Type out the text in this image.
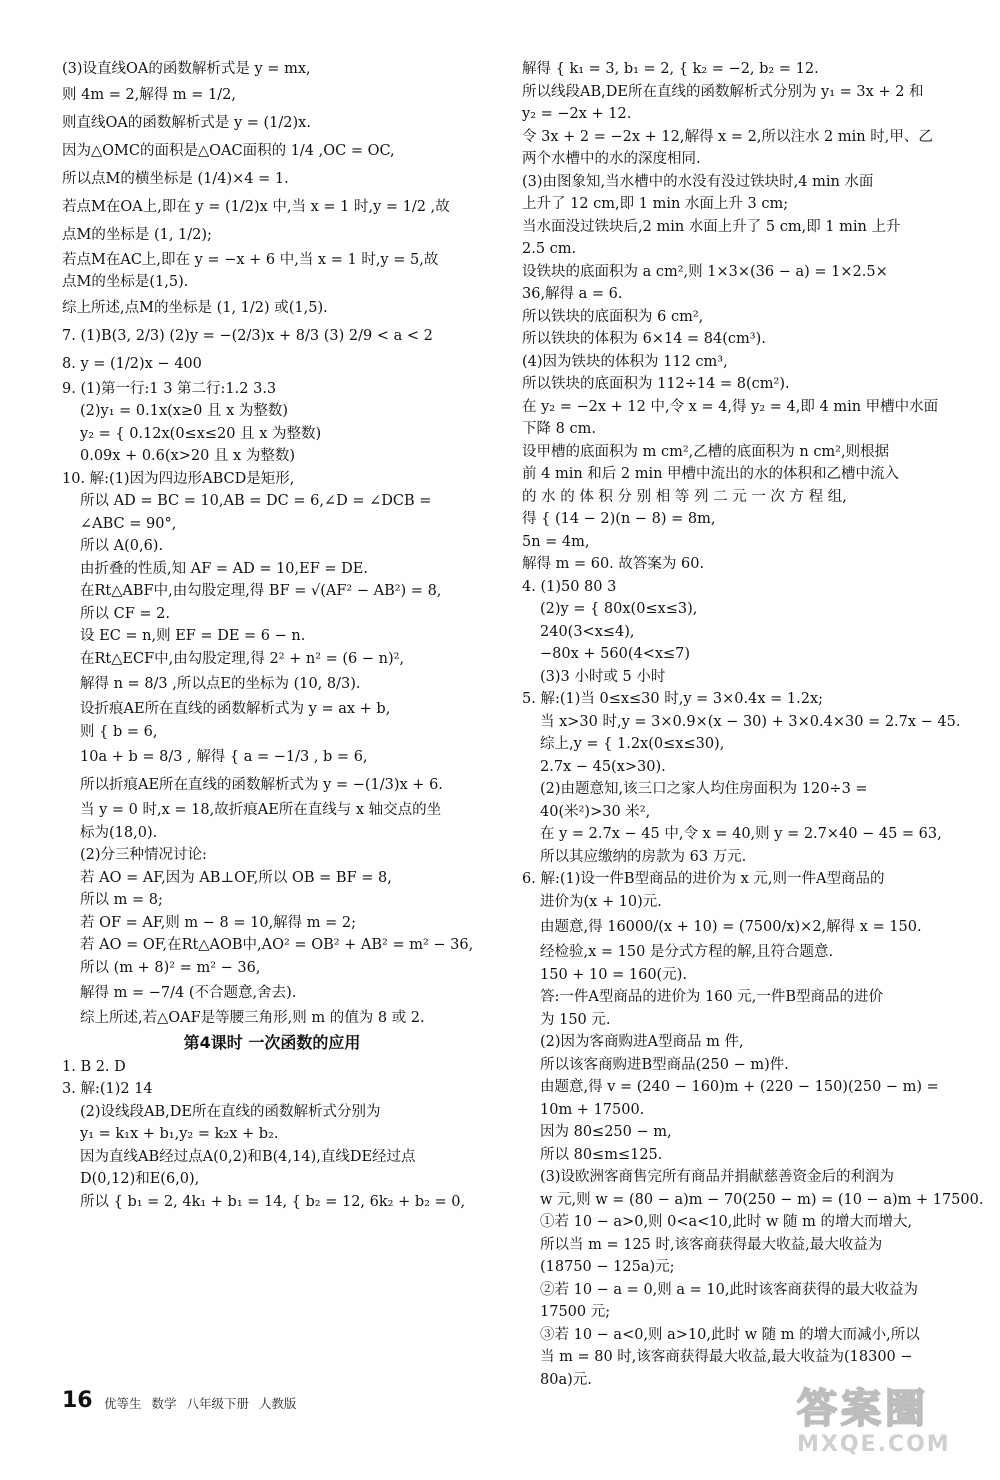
(3)设直线OA的函数解析式是 y = mx,
则 4m = 2,解得 m = 1/2,
则直线OA的函数解析式是 y = (1/2)x.
因为△OMC的面积是△OAC面积的 1/4 ,OC = OC,
所以点M的横坐标是 (1/4)×4 = 1.
若点M在OA上,即在 y = (1/2)x 中,当 x = 1 时,y = 1/2 ,故
点M的坐标是 (1, 1/2);
若点M在AC上,即在 y = −x + 6 中,当 x = 1 时,y = 5,故
点M的坐标是(1,5).
综上所述,点M的坐标是 (1, 1/2) 或(1,5).
7. (1)B(3, 2/3) (2)y = −(2/3)x + 8/3 (3) 2/9 < a < 2
8. y = (1/2)x − 400
9. (1)第一行:1 3 第二行:1.2 3.3
(2)y₁ = 0.1x(x≥0 且 x 为整数)
y₂ = { 0.12x(0≤x≤20 且 x 为整数)
0.09x + 0.6(x>20 且 x 为整数)
10. 解:(1)因为四边形ABCD是矩形,
所以 AD = BC = 10,AB = DC = 6,∠D = ∠DCB =
∠ABC = 90°,
所以 A(0,6).
由折叠的性质,知 AF = AD = 10,EF = DE.
在Rt△ABF中,由勾股定理,得 BF = √(AF² − AB²) = 8,
所以 CF = 2.
设 EC = n,则 EF = DE = 6 − n.
在Rt△ECF中,由勾股定理,得 2² + n² = (6 − n)²,
解得 n = 8/3 ,所以点E的坐标为 (10, 8/3).
设折痕AE所在直线的函数解析式为 y = ax + b,
则 { b = 6,
10a + b = 8/3 , 解得 { a = −1/3 , b = 6,
所以折痕AE所在直线的函数解析式为 y = −(1/3)x + 6.
当 y = 0 时,x = 18,故折痕AE所在直线与 x 轴交点的坐
标为(18,0).
(2)分三种情况讨论:
若 AO = AF,因为 AB⊥OF,所以 OB = BF = 8,
所以 m = 8;
若 OF = AF,则 m − 8 = 10,解得 m = 2;
若 AO = OF,在Rt△AOB中,AO² = OB² + AB² = m² − 36,
所以 (m + 8)² = m² − 36,
解得 m = −7/4 (不合题意,舍去).
综上所述,若△OAF是等腰三角形,则 m 的值为 8 或 2.
第4课时 一次函数的应用
1. B 2. D
3. 解:(1)2 14
(2)设线段AB,DE所在直线的函数解析式分别为
y₁ = k₁x + b₁,y₂ = k₂x + b₂.
因为直线AB经过点A(0,2)和B(4,14),直线DE经过点
D(0,12)和E(6,0),
所以 { b₁ = 2, 4k₁ + b₁ = 14, { b₂ = 12, 6k₂ + b₂ = 0,
解得 { k₁ = 3, b₁ = 2, { k₂ = −2, b₂ = 12.
所以线段AB,DE所在直线的函数解析式分别为 y₁ = 3x + 2 和
y₂ = −2x + 12.
令 3x + 2 = −2x + 12,解得 x = 2,所以注水 2 min 时,甲、乙
两个水槽中的水的深度相同.
(3)由图象知,当水槽中的水没有没过铁块时,4 min 水面
上升了 12 cm,即 1 min 水面上升 3 cm;
当水面没过铁块后,2 min 水面上升了 5 cm,即 1 min 上升
2.5 cm.
设铁块的底面积为 a cm²,则 1×3×(36 − a) = 1×2.5×
36,解得 a = 6.
所以铁块的底面积为 6 cm²,
所以铁块的体积为 6×14 = 84(cm³).
(4)因为铁块的体积为 112 cm³,
所以铁块的底面积为 112÷14 = 8(cm²).
在 y₂ = −2x + 12 中,令 x = 4,得 y₂ = 4,即 4 min 甲槽中水面
下降 8 cm.
设甲槽的底面积为 m cm²,乙槽的底面积为 n cm²,则根据
前 4 min 和后 2 min 甲槽中流出的水的体积和乙槽中流入
的 水 的 体 积 分 别 相 等 列 二 元 一 次 方 程 组,
得 { (14 − 2)(n − 8) = 8m,
5n = 4m,
解得 m = 60. 故答案为 60.
4. (1)50 80 3
(2)y = { 80x(0≤x≤3),
240(3<x≤4),
−80x + 560(4<x≤7)
(3)3 小时或 5 小时
5. 解:(1)当 0≤x≤30 时,y = 3×0.4x = 1.2x;
当 x>30 时,y = 3×0.9×(x − 30) + 3×0.4×30 = 2.7x − 45.
综上,y = { 1.2x(0≤x≤30),
2.7x − 45(x>30).
(2)由题意知,该三口之家人均住房面积为 120÷3 =
40(米²)>30 米²,
在 y = 2.7x − 45 中,令 x = 40,则 y = 2.7×40 − 45 = 63,
所以其应缴纳的房款为 63 万元.
6. 解:(1)设一件B型商品的进价为 x 元,则一件A型商品的
进价为(x + 10)元.
由题意,得 16000/(x + 10) = (7500/x)×2,解得 x = 150.
经检验,x = 150 是分式方程的解,且符合题意.
150 + 10 = 160(元).
答:一件A型商品的进价为 160 元,一件B型商品的进价
为 150 元.
(2)因为客商购进A型商品 m 件,
所以该客商购进B型商品(250 − m)件.
由题意,得 v = (240 − 160)m + (220 − 150)(250 − m) =
10m + 17500.
因为 80≤250 − m,
所以 80≤m≤125.
(3)设欧洲客商售完所有商品并捐献慈善资金后的利润为
w 元,则 w = (80 − a)m − 70(250 − m) = (10 − a)m + 17500.
①若 10 − a>0,则 0<a<10,此时 w 随 m 的增大而增大,
所以当 m = 125 时,该客商获得最大收益,最大收益为
(18750 − 125a)元;
②若 10 − a = 0,则 a = 10,此时该客商获得的最大收益为
17500 元;
③若 10 − a<0,则 a>10,此时 w 随 m 的增大而减小,所以
当 m = 80 时,该客商获得最大收益,最大收益为(18300 −
80a)元.
16 优等生 数学 八年级下册 人教版	答案圈
MXQE.COM
